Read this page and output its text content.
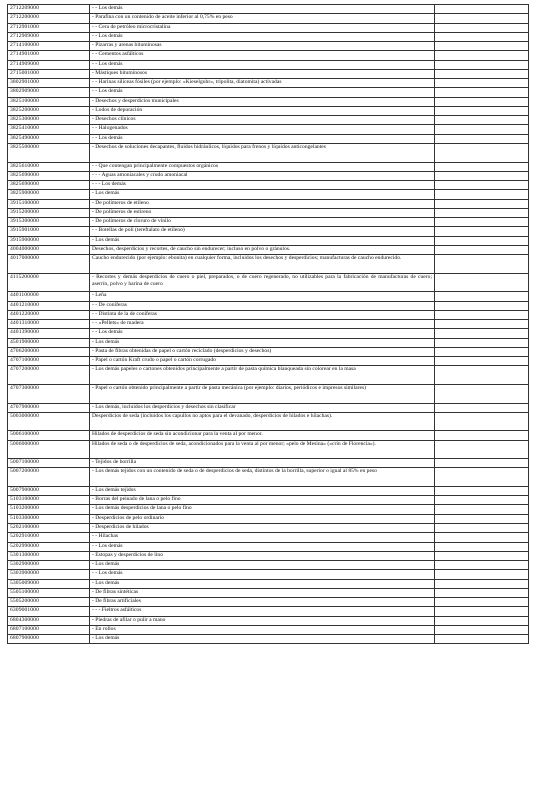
2712209000	- - Los demás	
2712200000	- Parafina con un contenido de aceite inferior al 0,75% en peso	
2712901000	- - Cera de petróleo microcristalina	
2712909000	- - Los demás	
2714100000	- Pizarras y arenas bituminosas	
2714901000	- - Cementos asfálticos	
2714909000	- - Los demás	
2715001000	- Mástiques bituminosos	
3802901000	- - Harinas silíceas fósiles (por ejemplo: «Kieselguhr», tripolita, diatomita) activadas	
3802909000	- - Los demás	
3825100000	- Desechos y desperdicios municipales	
3825200000	- Lodos de depuración	
3825300000	- Desechos clínicos	
3825410000	- - Halogenados	
3825490000	- - Los demás	
3825500000	- Desechos de soluciones decapantes, fluidos hidráulicos, líquidos para frenos y líquidos anticongelantes	
3825610000	- - Que contengan principalmente compuestos orgánicos	
3825690000	- - - Aguas amoniacales y crudo amoniacal	
3825690000	- - - Los demás	
3825900000	- Los demás	
3915100000	- De polímeros de etileno	
3915200000	- De polímeros de estireno	
3915300000	- De polímeros de cloruro de vinilo	
3915901000	- - Botellas de poli (tereftalato de etileno)	
3915900000	- Los demás	
4004000000	Desechos, desperdicios y recortes, de caucho sin endurecer; incluso en polvo o gránulos.	
4017000000	Caucho endurecido (por ejemplo: ebonita) en cualquier forma, incluidos los desechos y desperdicios; manufacturas de caucho endurecido.	
4115200000	- Recortes y demás desperdicios de cuero o piel, preparados, o de cuero regenerado, no utilizables para la fabricación de manufacturas de cuero; aserrín, polvo y harina de cuero	
4401100000	- Leña	
4401210000	- - De coníferas	
4401220000	- - Distinta de la de coníferas	
4401310000	- - «Pellets» de madera	
4401390000	- - Los demás	
4501900000	- Los demás	
4706200000	- Pasta de fibras obtenidas de papel o cartón reciclado (desperdicios y desechos)	
4707100000	- Papel o cartón Kraft crudo o papel o cartón corrugado	
4707200000	- Los demás papeles o cartones obtenidos principalmente a partir de pasta química blanqueada sin colorear en la masa	
4707300000	- Papel o cartón obtenido principalmente a partir de pasta mecánica (por ejemplo: diarios, periódicos e impresos similares)	
4707900000	- Los demás, incluidos los desperdicios y desechos sin clasificar	
5003000000	Desperdicios de seda (incluidos los capullos no aptos para el devanado, desperdicios de hilados e hilachas).	
5006100000	Hilados de desperdicios de seda sin acondicionar para la venta al por menor.	
5006000000	Hilados de seda o de desperdicios de seda, acondicionados para la venta al por menor; «pelo de Mesina» («crin de Florencia»).	
5007100000	- Tejidos de borrilla	
5007200000	- Los demás tejidos con un contenido de seda o de desperdicios de seda, distintos de la borrilla, superior o igual al 85% en peso	
5007900000	- Los demás tejidos	
5103100000	- Borras del peinado de lana o pelo fino	
5103200000	- Los demás desperdicios de lana o pelo fino	
5103300000	- Desperdicios de pelo ordinario	
5202100000	- Desperdicios de hilados	
5202910000	- - Hilachas	
5202990000	- - Los demás	
5301300000	- Estopas y desperdicios de lino	
5302900000	- Los demás	
5303900000	- - Los demás	
5305009000	- Los demás	
5505100000	- De fibras sintéticas	
5505200000	- De fibras artificiales	
6309001000	- - - Fieltros asfálticos	
6804300000	- Piedras de afilar o pulir a mano	
6807100000	- En rollos	
6807900000	- Los demás	
